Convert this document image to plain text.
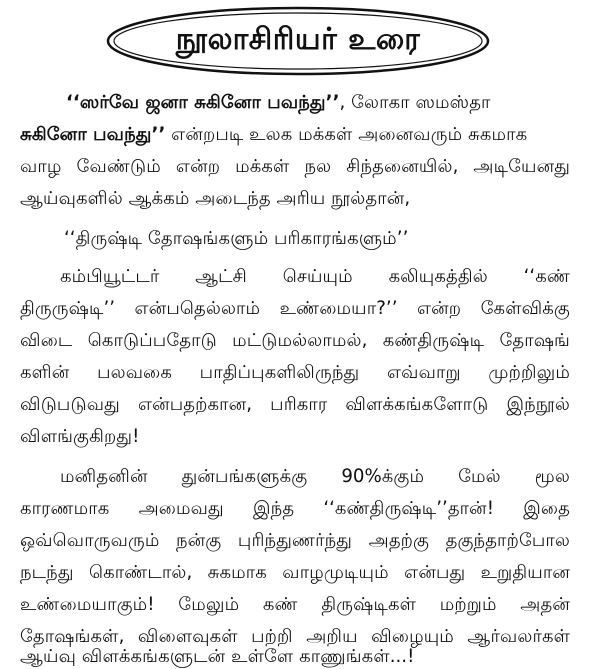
நூலாசிரியர் உரை
‘‘ஸர்வே ஜனா சுகினோ பவந்து’’, லோகா ஸமஸ்தா
சுகினோ பவந்து’’ என்றபடி உலக மக்கள் அனைவரும் சுகமாக
வாழ வேண்டும் என்ற மக்கள் நல சிந்தனையில், அடியேனது
ஆய்வுகளில் ஆக்கம் அடைந்த அரிய நூல்தான்,
‘‘திருஷ்டி தோஷங்களும் பரிகாரங்களும்’’
கம்பியூட்டர் ஆட்சி செய்யும் கலியுகத்தில் ‘‘கண்
திருருஷ்டி’’ என்பதெல்லாம் உண்மையா?’’ என்ற கேள்விக்கு
விடை கொடுப்பதோடு மட்டுமல்லாமல், கண்திருஷ்டி தோஷங்
களின் பலவகை பாதிப்புகளிலிருந்து எவ்வாறு முற்றிலும்
விடுபடுவது என்பதற்கான, பரிகார விளக்கங்களோடு இந்நூல்
விளங்குகிறது!
மனிதனின் துன்பங்களுக்கு 90%க்கும் மேல் மூல
காரணமாக அமைவது இந்த ‘‘கண்திருஷ்டி’’தான்! இதை
ஒவ்வொருவரும் நன்கு புரிந்துணர்ந்து அதற்கு தகுந்தாற்போல
நடந்து கொண்டால், சுகமாக வாழமுடியும் என்பது உறுதியான
உண்மையாகும்! மேலும் கண் திருஷ்டிகள் மற்றும் அதன்
தோஷங்கள், விளைவுகள் பற்றி அறிய விழையும் ஆர்வலர்கள்
ஆய்வு விளக்கங்களுடன் உள்ளே காணுங்கள்...!
